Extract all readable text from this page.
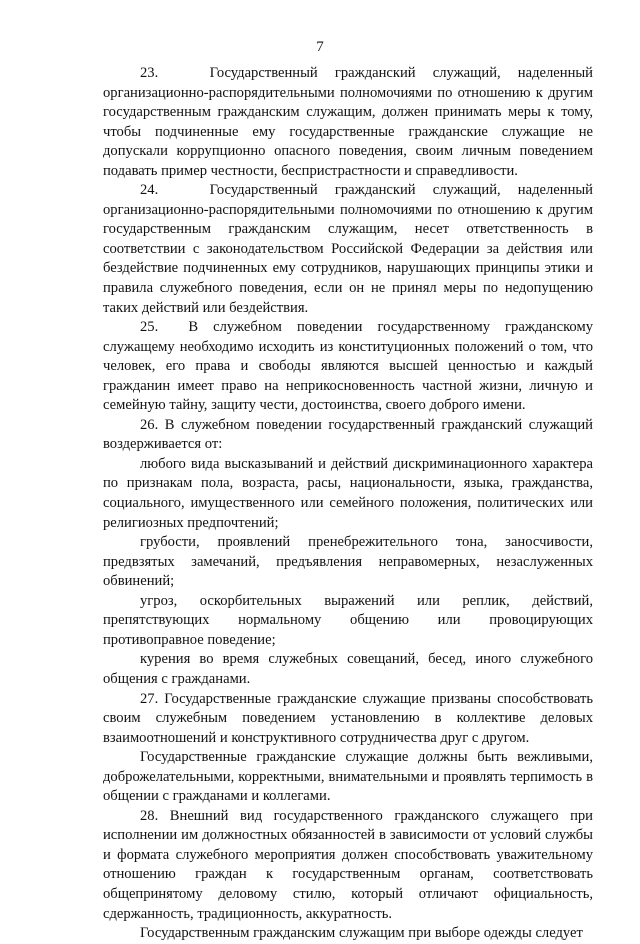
7

23.   Государственный гражданский служащий, наделенный организационно-распорядительными полномочиями по отношению к другим государственным гражданским служащим, должен принимать меры к тому, чтобы подчиненные ему государственные гражданские служащие не допускали коррупционно опасного поведения, своим личным поведением подавать пример честности, беспристрастности и справедливости.

24.   Государственный гражданский служащий, наделенный организационно-распорядительными полномочиями по отношению к другим государственным гражданским служащим, несет ответственность в соответствии с законодательством Российской Федерации за действия или бездействие подчиненных ему сотрудников, нарушающих принципы этики и правила служебного поведения, если он не принял меры по недопущению таких действий или бездействия.

25.  В служебном поведении государственному гражданскому служащему необходимо исходить из конституционных положений о том, что человек, его права и свободы являются высшей ценностью и каждый гражданин имеет право на неприкосновенность частной жизни, личную и семейную тайну, защиту чести, достоинства, своего доброго имени.

26. В служебном поведении государственный гражданский служащий воздерживается от:

любого вида высказываний и действий дискриминационного характера по признакам пола, возраста, расы, национальности, языка, гражданства, социального, имущественного или семейного положения, политических или религиозных предпочтений;

грубости, проявлений пренебрежительного тона, заносчивости, предвзятых замечаний, предъявления неправомерных, незаслуженных обвинений;

угроз, оскорбительных выражений или реплик, действий, препятствующих нормальному общению или провоцирующих противоправное поведение;

курения во время служебных совещаний, бесед, иного служебного общения с гражданами.

27. Государственные гражданские служащие призваны способствовать своим служебным поведением установлению в коллективе деловых взаимоотношений и конструктивного сотрудничества друг с другом.

Государственные гражданские служащие должны быть вежливыми, доброжелательными, корректными, внимательными и проявлять терпимость в общении с гражданами и коллегами.

28. Внешний вид государственного гражданского служащего при исполнении им должностных обязанностей в зависимости от условий службы и формата служебного мероприятия должен способствовать уважительному отношению граждан к государственным органам, соответствовать общепринятому деловому стилю, который отличают официальность, сдержанность, традиционность, аккуратность.

Государственным гражданским служащим при выборе одежды следует
